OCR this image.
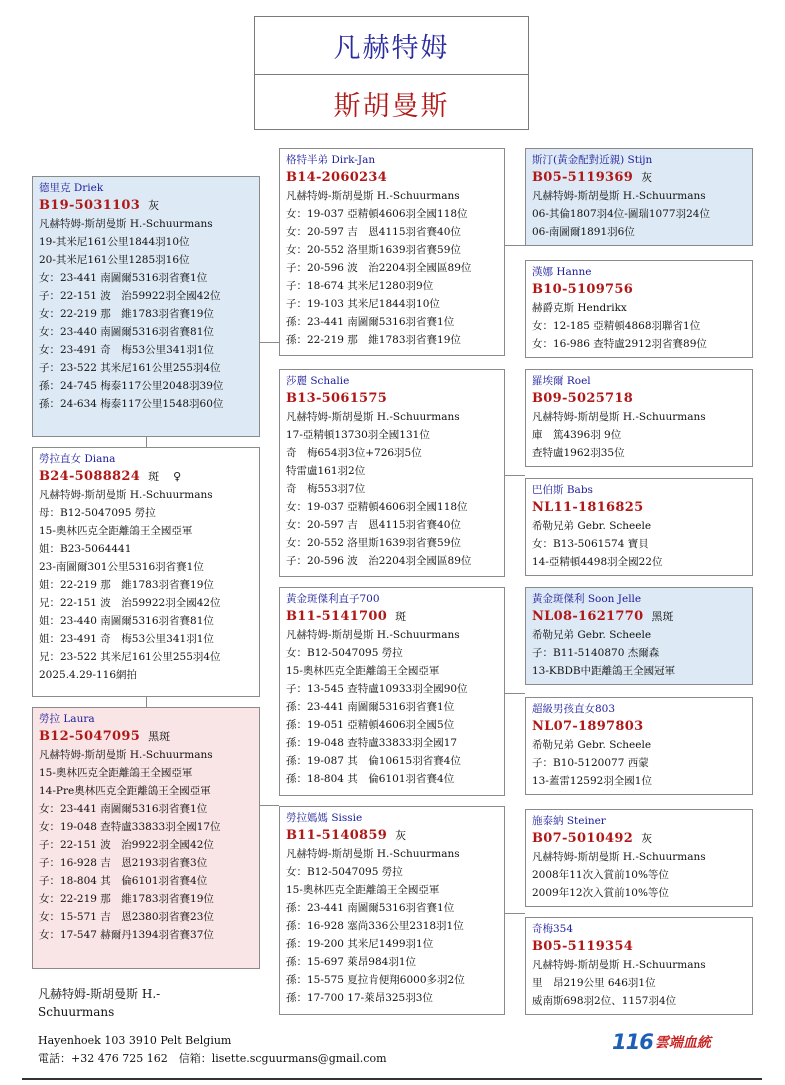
凡赫特姆
斯胡曼斯
德里克 Driek
B19-5031103 灰
凡赫特姆-斯胡曼斯 H.-Schuurmans
19-其米尼161公里1844羽10位
20-其米尼161公里1285羽16位
女：23-441 南圖爾5316羽省賽1位
子：22-151 波　治59922羽全國42位
女：22-219 那　維1783羽省賽19位
女：23-440 南圖爾5316羽省賽81位
女：23-491 奇　梅53公里341羽1位
子：23-522 其米尼161公里255羽4位
孫：24-745 梅泰117公里2048羽39位
孫：24-634 梅泰117公里1548羽60位
勞拉直女 Diana
B24-5088824 斑 ♀
凡赫特姆-斯胡曼斯 H.-Schuurmans
母：B12-5047095 勞拉
15-奧林匹克全距離鴿王全國亞軍
姐：B23-5064441
23-南圖爾301公里5316羽省賽1位
姐：22-219 那　維1783羽省賽19位
兄：22-151 波　治59922羽全國42位
姐：23-440 南圖爾5316羽省賽81位
姐：23-491 奇　梅53公里341羽1位
兄：23-522 其米尼161公里255羽4位
2025.4.29-116網拍
勞拉 Laura
B12-5047095 黑斑
凡赫特姆-斯胡曼斯 H.-Schuurmans
15-奧林匹克全距離鴿王全國亞軍
14-Pre奧林匹克全距離鴿王全國亞軍
女：23-441 南圖爾5316羽省賽1位
女：19-048 查特盧33833羽全國17位
子：22-151 波　治9922羽全國42位
子：16-928 吉　恩2193羽省賽3位
子：18-804 其　倫6101羽省賽4位
女：22-219 那　維1783羽省賽19位
女：15-571 吉　恩2380羽省賽23位
女：17-547 赫爾丹1394羽省賽37位
格特半弟 Dirk-Jan
B14-2060234
凡赫特姆-斯胡曼斯 H.-Schuurmans
女：19-037 亞精頓4606羽全國118位
女：20-597 吉　恩4115羽省賽40位
女：20-552 洛里斯1639羽省賽59位
子：20-596 波　治2204羽全國區89位
子：18-674 其米尼1280羽9位
子：19-103 其米尼1844羽10位
孫：23-441 南圖爾5316羽省賽1位
孫：22-219 那　維1783羽省賽19位
莎麗 Schalie
B13-5061575
凡赫特姆-斯胡曼斯 H.-Schuurmans
17-亞精頓13730羽全國131位
奇　梅654羽3位+726羽5位
特雷盧161羽2位
奇　梅553羽7位
女：19-037 亞精頓4606羽全國118位
女：20-597 吉　恩4115羽省賽40位
女：20-552 洛里斯1639羽省賽59位
子：20-596 波　治2204羽全國區89位
黃金斑傑利直子700
B11-5141700 斑
凡赫特姆-斯胡曼斯 H.-Schuurmans
女：B12-5047095 勞拉
15-奧林匹克全距離鴿王全國亞軍
子：13-545 查特盧10933羽全國90位
孫：23-441 南圖爾5316羽省賽1位
孫：19-051 亞精頓4606羽全國5位
孫：19-048 查特盧33833羽全國17
孫：19-087 其　倫10615羽省賽4位
孫：18-804 其　倫6101羽省賽4位
勞拉媽媽 Sissie
B11-5140859 灰
凡赫特姆-斯胡曼斯 H.-Schuurmans
女：B12-5047095 勞拉
15-奧林匹克全距離鴿王全國亞軍
孫：23-441 南圖爾5316羽省賽1位
孫：16-928 塞尚336公里2318羽1位
孫：19-200 其米尼1499羽1位
孫：15-697 萊昂984羽1位
孫：15-575 夏拉肯便翔6000多羽2位
孫：17-700 17-萊昂325羽3位
斯汀(黃金配對近親) Stijn
B05-5119369 灰
凡赫特姆-斯胡曼斯 H.-Schuurmans
06-其倫1807羽4位-圖瑞1077羽24位
06-南圖爾1891羽6位
漢娜 Hanne
B10-5109756
赫爵克斯 Hendrikx
女：12-185 亞精頓4868羽聯省1位
女：16-986 查特盧2912羽省賽89位
羅埃爾 Roel
B09-5025718
凡赫特姆-斯胡曼斯 H.-Schuurmans
庫　篤4396羽 9位
查特盧1962羽35位
巴伯斯 Babs
NL11-1816825
希勒兄弟 Gebr. Scheele
女：B13-5061574 寶貝
14-亞精頓4498羽全國22位
黃金斑傑利 Soon Jelle
NL08-1621770 黑斑
希勒兄弟 Gebr. Scheele
子：B11-5140870 杰爾森
13-KBDB中距離鴿王全國冠軍
超級男孩直女803
NL07-1897803
希勒兄弟 Gebr. Scheele
子：B10-5120077 西蒙
13-蓋雷12592羽全國1位
施泰納 Steiner
B07-5010492 灰
凡赫特姆-斯胡曼斯 H.-Schuurmans
2008年11次入賞前10%等位
2009年12次入賞前10%等位
奇梅354
B05-5119354
凡赫特姆-斯胡曼斯 H.-Schuurmans
里　昂219公里 646羽1位
威南斯698羽2位、1157羽4位
凡赫特姆-斯胡曼斯 H.-Schuurmans
Hayenhoek 103 3910 Pelt Belgium
電話：+32 476 725 162　信箱：lisette.scguurmans@gmail.com
116 雲端血統
